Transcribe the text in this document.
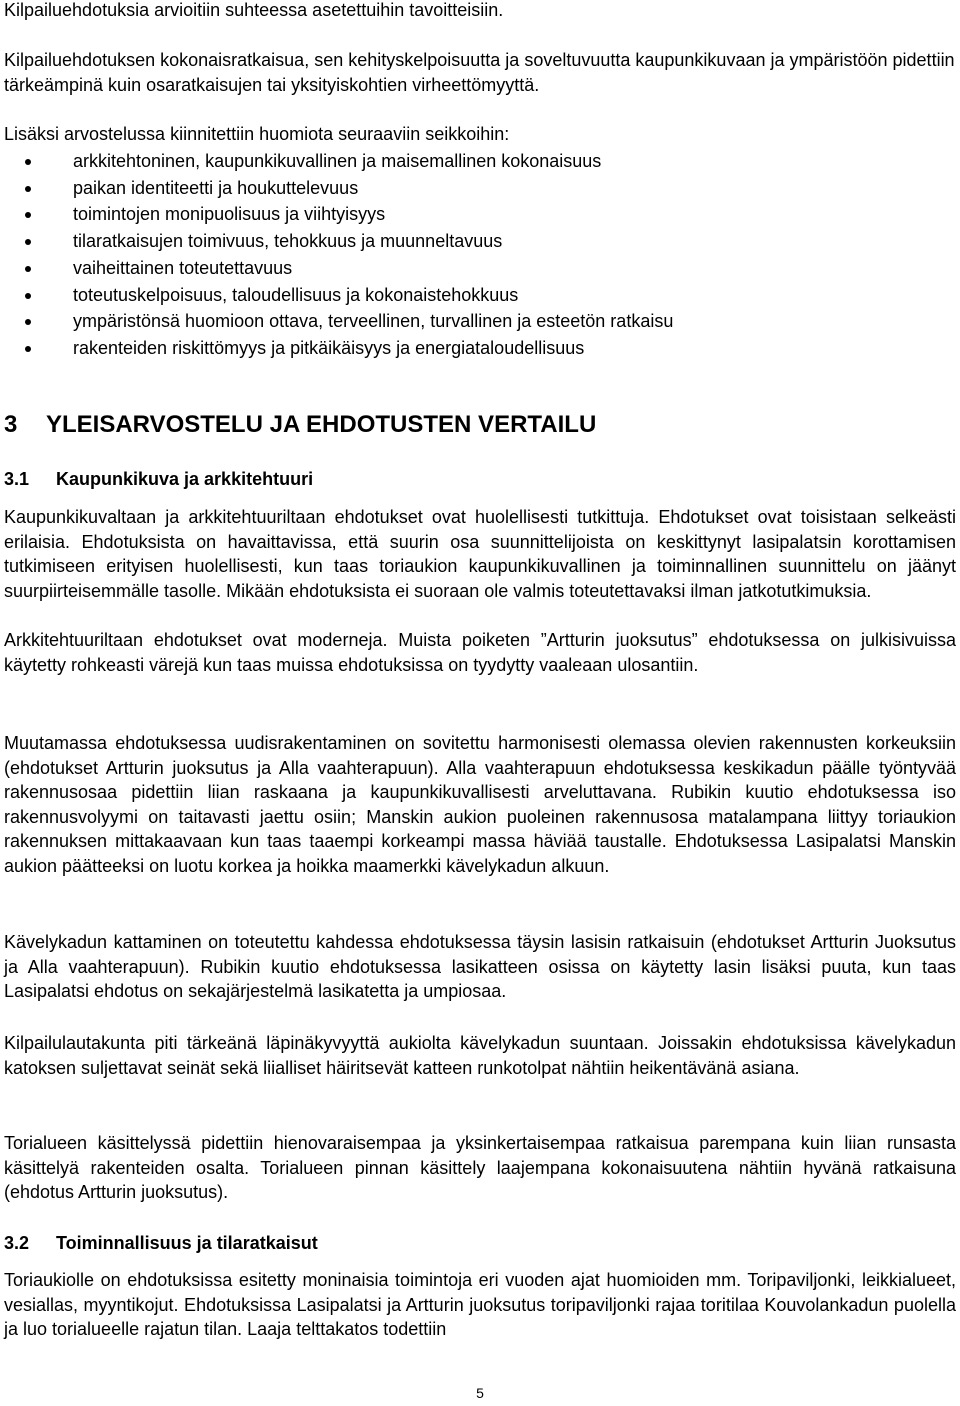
Kilpailuehdotuksia arvioitiin suhteessa asetettuihin tavoitteisiin.

Kilpailuehdotuksen kokonaisratkaisua, sen kehityskelpoisuutta ja soveltuvuutta kaupunkikuvaan ja ympäristöön pidettiin tärkeämpinä kuin osaratkaisujen tai yksityiskohtien virheettömyyttä.

Lisäksi arvostelussa kiinnitettiin huomiota seuraaviin seikkoihin:

arkkitehtoninen, kaupunkikuvallinen ja maisemallinen kokonaisuus
paikan identiteetti ja houkuttelevuus
toimintojen monipuolisuus ja viihtyisyys
tilaratkaisujen toimivuus, tehokkuus ja muunneltavuus
vaiheittainen toteutettavuus
toteutuskelpoisuus, taloudellisuus ja kokonaistehokkuus
ympäristönsä huomioon ottava, terveellinen, turvallinen ja esteetön ratkaisu
rakenteiden riskittömyys ja pitkäikäisyys ja energiataloudellisuus
3	YLEISARVOSTELU JA EHDOTUSTEN VERTAILU
3.1	Kaupunkikuva ja arkkitehtuuri

Kaupunkikuvaltaan ja arkkitehtuuriltaan ehdotukset ovat huolellisesti tutkittuja. Ehdotukset ovat toisistaan selkeästi erilaisia. Ehdotuksista on havaittavissa, että suurin osa suunnittelijoista on keskittynyt lasipalatsin korottamisen tutkimiseen erityisen huolellisesti, kun taas toriaukion kaupunkikuvallinen ja toiminnallinen suunnittelu on jäänyt suurpiirteisemmälle tasolle. Mikään ehdotuksista ei suoraan ole valmis toteutettavaksi ilman jatkotutkimuksia.

Arkkitehtuuriltaan ehdotukset ovat moderneja. Muista poiketen ”Artturin juoksutus” ehdotuksessa on julkisivuissa käytetty rohkeasti värejä kun taas muissa ehdotuksissa on tyydytty vaaleaan ulosantiin.

Muutamassa ehdotuksessa uudisrakentaminen on sovitettu harmonisesti olemassa olevien rakennusten korkeuksiin (ehdotukset Artturin juoksutus ja Alla vaahterapuun). Alla vaahterapuun ehdotuksessa keskikadun päälle työntyvää rakennusosaa pidettiin liian raskaana ja kaupunkikuvallisesti arveluttavana. Rubikin kuutio ehdotuksessa iso rakennusvolyymi on taitavasti jaettu osiin; Manskin aukion puoleinen rakennusosa matalampana liittyy toriaukion rakennuksen mittakaavaan kun taas taaempi korkeampi massa häviää taustalle. Ehdotuksessa Lasipalatsi Manskin aukion päätteeksi on luotu korkea ja hoikka maamerkki kävelykadun alkuun.

Kävelykadun kattaminen on toteutettu kahdessa ehdotuksessa täysin lasisin ratkaisuin (ehdotukset Artturin Juoksutus ja Alla vaahterapuun). Rubikin kuutio ehdotuksessa lasikatteen osissa on käytetty lasin lisäksi puuta, kun taas Lasipalatsi ehdotus on sekajärjestelmä lasikatetta ja umpiosaa.

Kilpailulautakunta piti tärkeänä läpinäkyvyyttä aukiolta kävelykadun suuntaan. Joissakin ehdotuksissa kävelykadun katoksen suljettavat seinät sekä liialliset häiritsevät katteen runkotolpat nähtiin heikentävänä asiana.

Torialueen käsittelyssä pidettiin hienovaraisempaa ja yksinkertaisempaa ratkaisua parempana kuin liian runsasta käsittelyä rakenteiden osalta. Torialueen pinnan käsittely laajempana kokonaisuutena nähtiin hyvänä ratkaisuna (ehdotus Artturin juoksutus).

3.2	Toiminnallisuus ja tilaratkaisut

Toriaukiolle on ehdotuksissa esitetty moninaisia toimintoja eri vuoden ajat huomioiden mm. Toripaviljonki, leikkialueet, vesiallas, myyntikojut. Ehdotuksissa Lasipalatsi ja Artturin juoksutus toripaviljonki rajaa toritilaa Kouvolankadun puolella ja luo torialueelle rajatun tilan. Laaja telttakatos todettiin

5
